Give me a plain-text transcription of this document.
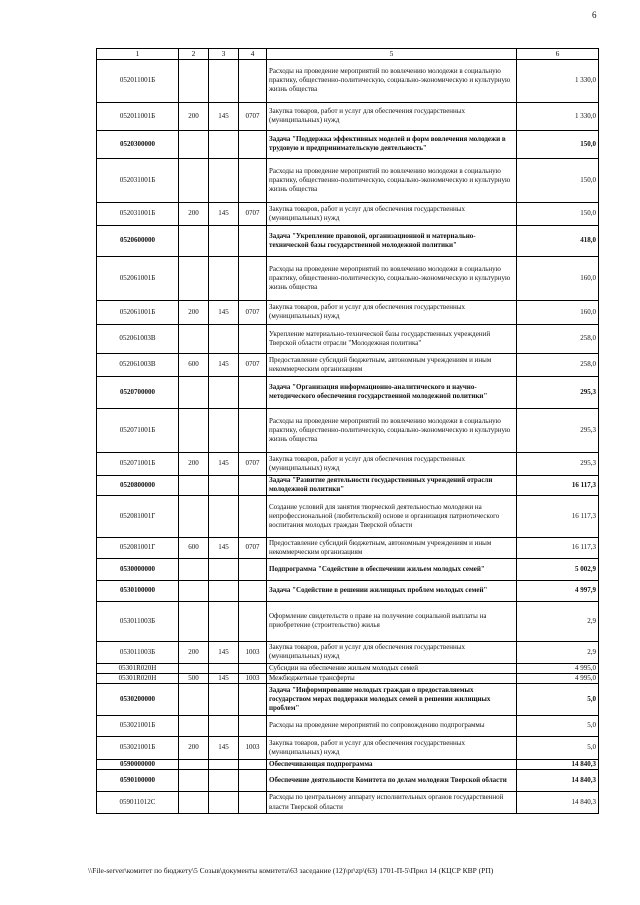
6
1	2	3	4	5	6
052011001Б				Расходы на проведение мероприятий по вовлечению молодежи в социальную практику, общественно-политическую, социально-экономическую и культурную жизнь общества	1 330,0
052011001Б	200	145	0707	Закупка товаров, работ и услуг для обеспечения государственных (муниципальных) нужд	1 330,0
0520300000				Задача "Поддержка эффективных моделей и форм вовлечения молодежи в трудовую и предпринимательскую деятельность"	150,0
052031001Б				Расходы на проведение мероприятий по вовлечению молодежи в социальную практику, общественно-политическую, социально-экономическую и культурную жизнь общества	150,0
052031001Б	200	145	0707	Закупка товаров, работ и услуг для обеспечения государственных (муниципальных) нужд	150,0
0520600000				Задача "Укрепление правовой, организационной и материально-технической базы государственной молодежной политики"	418,0
052061001Б				Расходы на проведение мероприятий по вовлечению молодежи в социальную практику, общественно-политическую, социально-экономическую и культурную жизнь общества	160,0
052061001Б	200	145	0707	Закупка товаров, работ и услуг для обеспечения государственных (муниципальных) нужд	160,0
052061003В				Укрепление материально-технической базы государственных учреждений Тверской области отрасли "Молодежная политика"	258,0
052061003В	600	145	0707	Предоставление субсидий бюджетным, автономным учреждениям и иным некоммерческим организациям	258,0
0520700000				Задача "Организация информационно-аналитического и научно-методического обеспечения государственной молодежной политики"	295,3
052071001Б				Расходы на проведение мероприятий по вовлечению молодежи в социальную практику, общественно-политическую, социально-экономическую и культурную жизнь общества	295,3
052071001Б	200	145	0707	Закупка товаров, работ и услуг для обеспечения государственных (муниципальных) нужд	295,3
0520800000				Задача "Развитие деятельности государственных учреждений отрасли молодежной политики"	16 117,3
052081001Г				Создание условий для занятия творческой деятельностью молодежи на непрофессиональной (любительской) основе и организация патриотического воспитания молодых граждан Тверской области	16 117,3
052081001Г	600	145	0707	Предоставление субсидий бюджетным, автономным учреждениям и иным некоммерческим организациям	16 117,3
0530000000				Подпрограмма "Содействие в обеспечении жильем молодых семей"	5 002,9
0530100000				Задача "Содействие в решении жилищных проблем молодых семей"	4 997,9
053011003Б				Оформление свидетельств о праве на получение социальной выплаты на приобретение (строительство) жилья	2,9
053011003Б	200	145	1003	Закупка товаров, работ и услуг для обеспечения государственных (муниципальных) нужд	2,9
05301R020Н				Субсидии на обеспечение жильем молодых семей	4 995,0
05301R020Н	500	145	1003	Межбюджетные трансферты	4 995,0
0530200000				Задача "Информирование молодых граждан о предоставляемых государством мерах поддержки молодых семей в решении жилищных проблем"	5,0
053021001Б				Расходы на проведение мероприятий по сопровождению подпрограммы	5,0
053021001Б	200	145	1003	Закупка товаров, работ и услуг для обеспечения государственных (муниципальных) нужд	5,0
0590000000				Обеспечивающая подпрограмма	14 840,3
0590100000				Обеспечение деятельности Комитета по делам молодежи Тверской области	14 840,3
059011012С				Расходы по центральному аппарату исполнительных органов государственной власти Тверской области	14 840,3
\\File-server\комитет по бюджету\5 Созыв\документы комитета\63 заседание (12)\pr\zp\(63) 1701-П-5\Прил 14 (КЦСР КВР (РП)
